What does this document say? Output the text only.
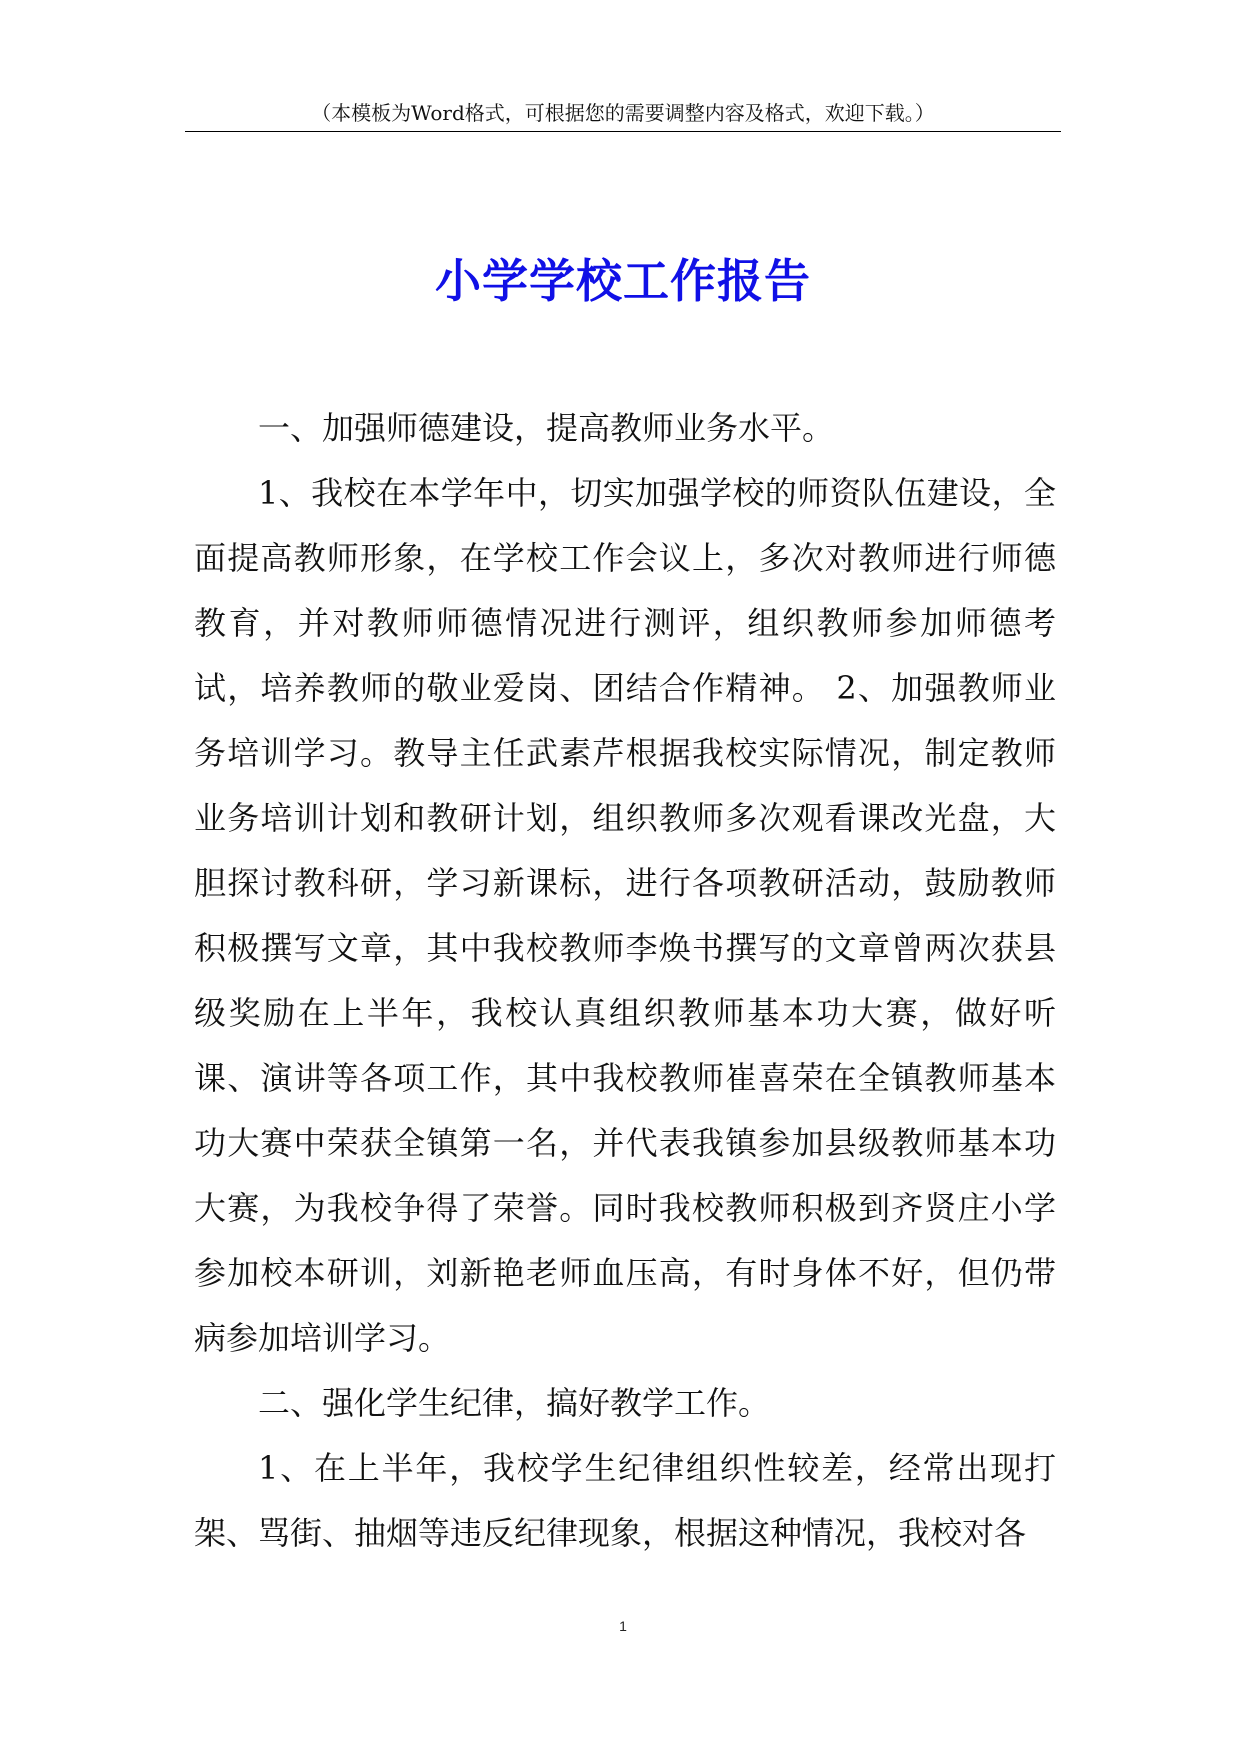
（本模板为Word格式，可根据您的需要调整内容及格式，欢迎下载。）
小学学校工作报告

一、加强师德建设，提高教师业务水平。

1、我校在本学年中，切实加强学校的师资队伍建设，全面提高教师形象，在学校工作会议上，多次对教师进行师德教育，并对教师师德情况进行测评，组织教师参加师德考试，培养教师的敬业爱岗、团结合作精神。 2、加强教师业务培训学习。教导主任武素芹根据我校实际情况，制定教师业务培训计划和教研计划，组织教师多次观看课改光盘，大胆探讨教科研，学习新课标，进行各项教研活动，鼓励教师积极撰写文章，其中我校教师李焕书撰写的文章曾两次获县级奖励在上半年，我校认真组织教师基本功大赛，做好听课、演讲等各项工作，其中我校教师崔喜荣在全镇教师基本功大赛中荣获全镇第一名，并代表我镇参加县级教师基本功大赛，为我校争得了荣誉。同时我校教师积极到齐贤庄小学参加校本研训，刘新艳老师血压高，有时身体不好，但仍带病参加培训学习。

二、强化学生纪律，搞好教学工作。

1、在上半年，我校学生纪律组织性较差，经常出现打架、骂街、抽烟等违反纪律现象，根据这种情况，我校对各

1
